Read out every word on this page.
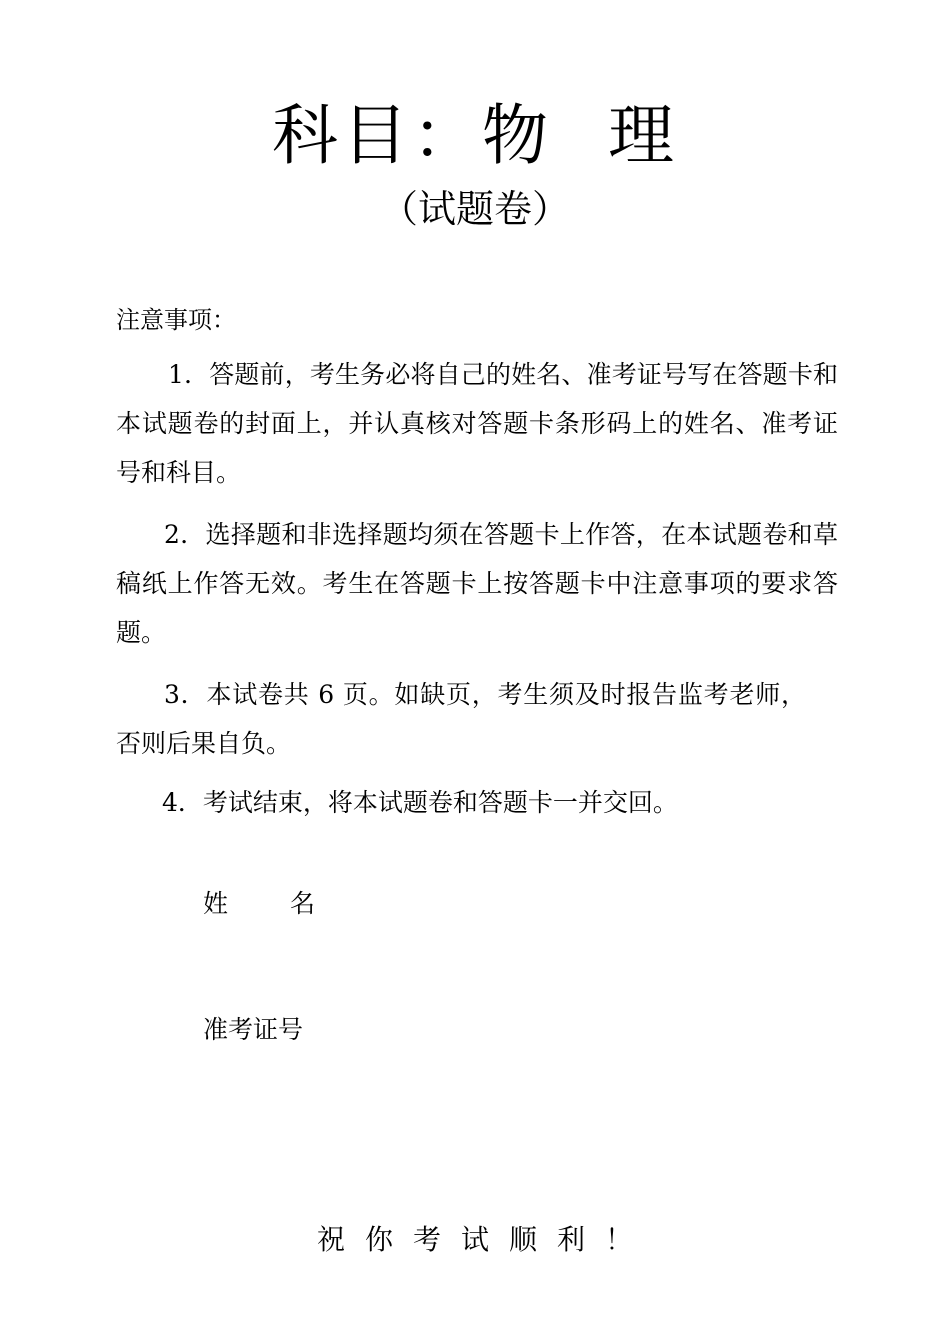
科目：物 理
（试题卷）
注意事项：
1．答题前，考生务必将自己的姓名、准考证号写在答题卡和本试题卷的封面上，并认真核对答题卡条形码上的姓名、准考证号和科目。
2．选择题和非选择题均须在答题卡上作答，在本试题卷和草稿纸上作答无效。考生在答题卡上按答题卡中注意事项的要求答题。
3．本试卷共 6 页。如缺页，考生须及时报告监考老师，否则后果自负。
4．考试结束，将本试题卷和答题卡一并交回。
姓名
准考证号
祝你考试顺利！
